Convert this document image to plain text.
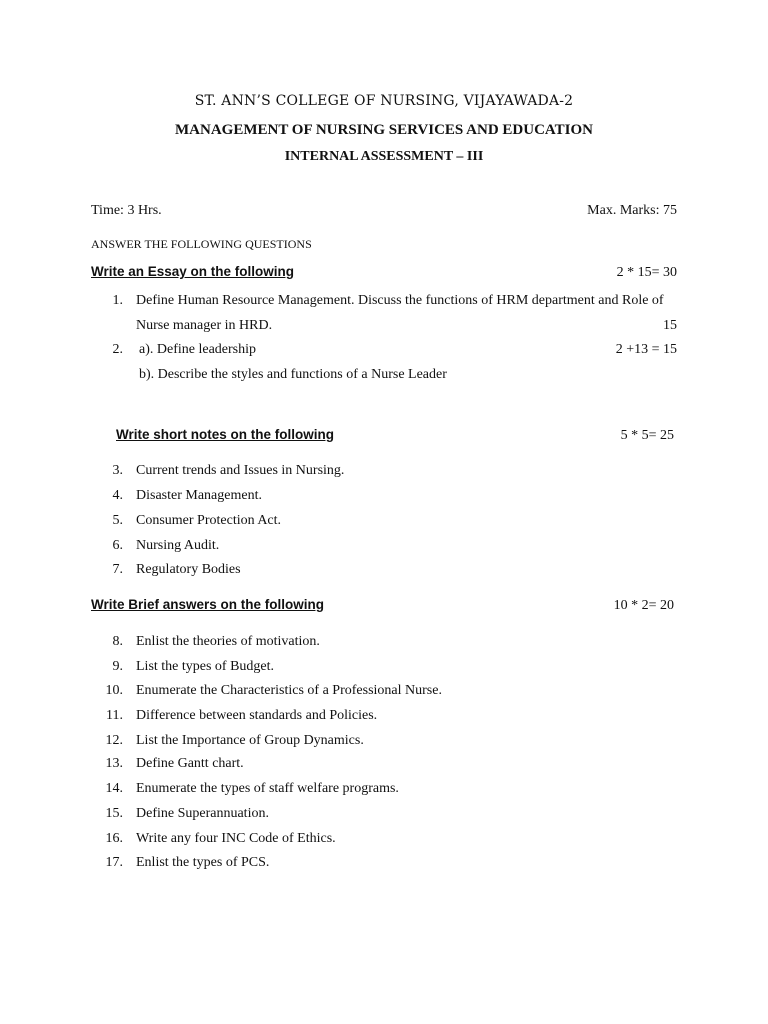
ST. ANN’S COLLEGE OF NURSING, VIJAYAWADA-2
MANAGEMENT OF NURSING SERVICES AND EDUCATION
INTERNAL ASSESSMENT – III
Time: 3 Hrs.	Max. Marks: 75
ANSWER THE FOLLOWING QUESTIONS
Write an Essay on the following	2 * 15= 30
1. Define Human Resource Management. Discuss the functions of HRM department and Role of
Nurse manager in HRD.	15
2. a). Define leadership	2 +13 = 15
b). Describe the styles and functions of a Nurse Leader
Write short notes on the following	5 * 5= 25
3. Current trends and Issues in Nursing.
4. Disaster Management.
5. Consumer Protection Act.
6. Nursing Audit.
7. Regulatory Bodies
Write Brief answers on the following	10 * 2= 20
8. Enlist the theories of motivation.
9. List the types of Budget.
10. Enumerate the Characteristics of a Professional Nurse.
11. Difference between standards and Policies.
12. List the Importance of Group Dynamics.
13. Define Gantt chart.
14. Enumerate the types of staff welfare programs.
15. Define Superannuation.
16. Write any four INC Code of Ethics.
17. Enlist the types of PCS.
